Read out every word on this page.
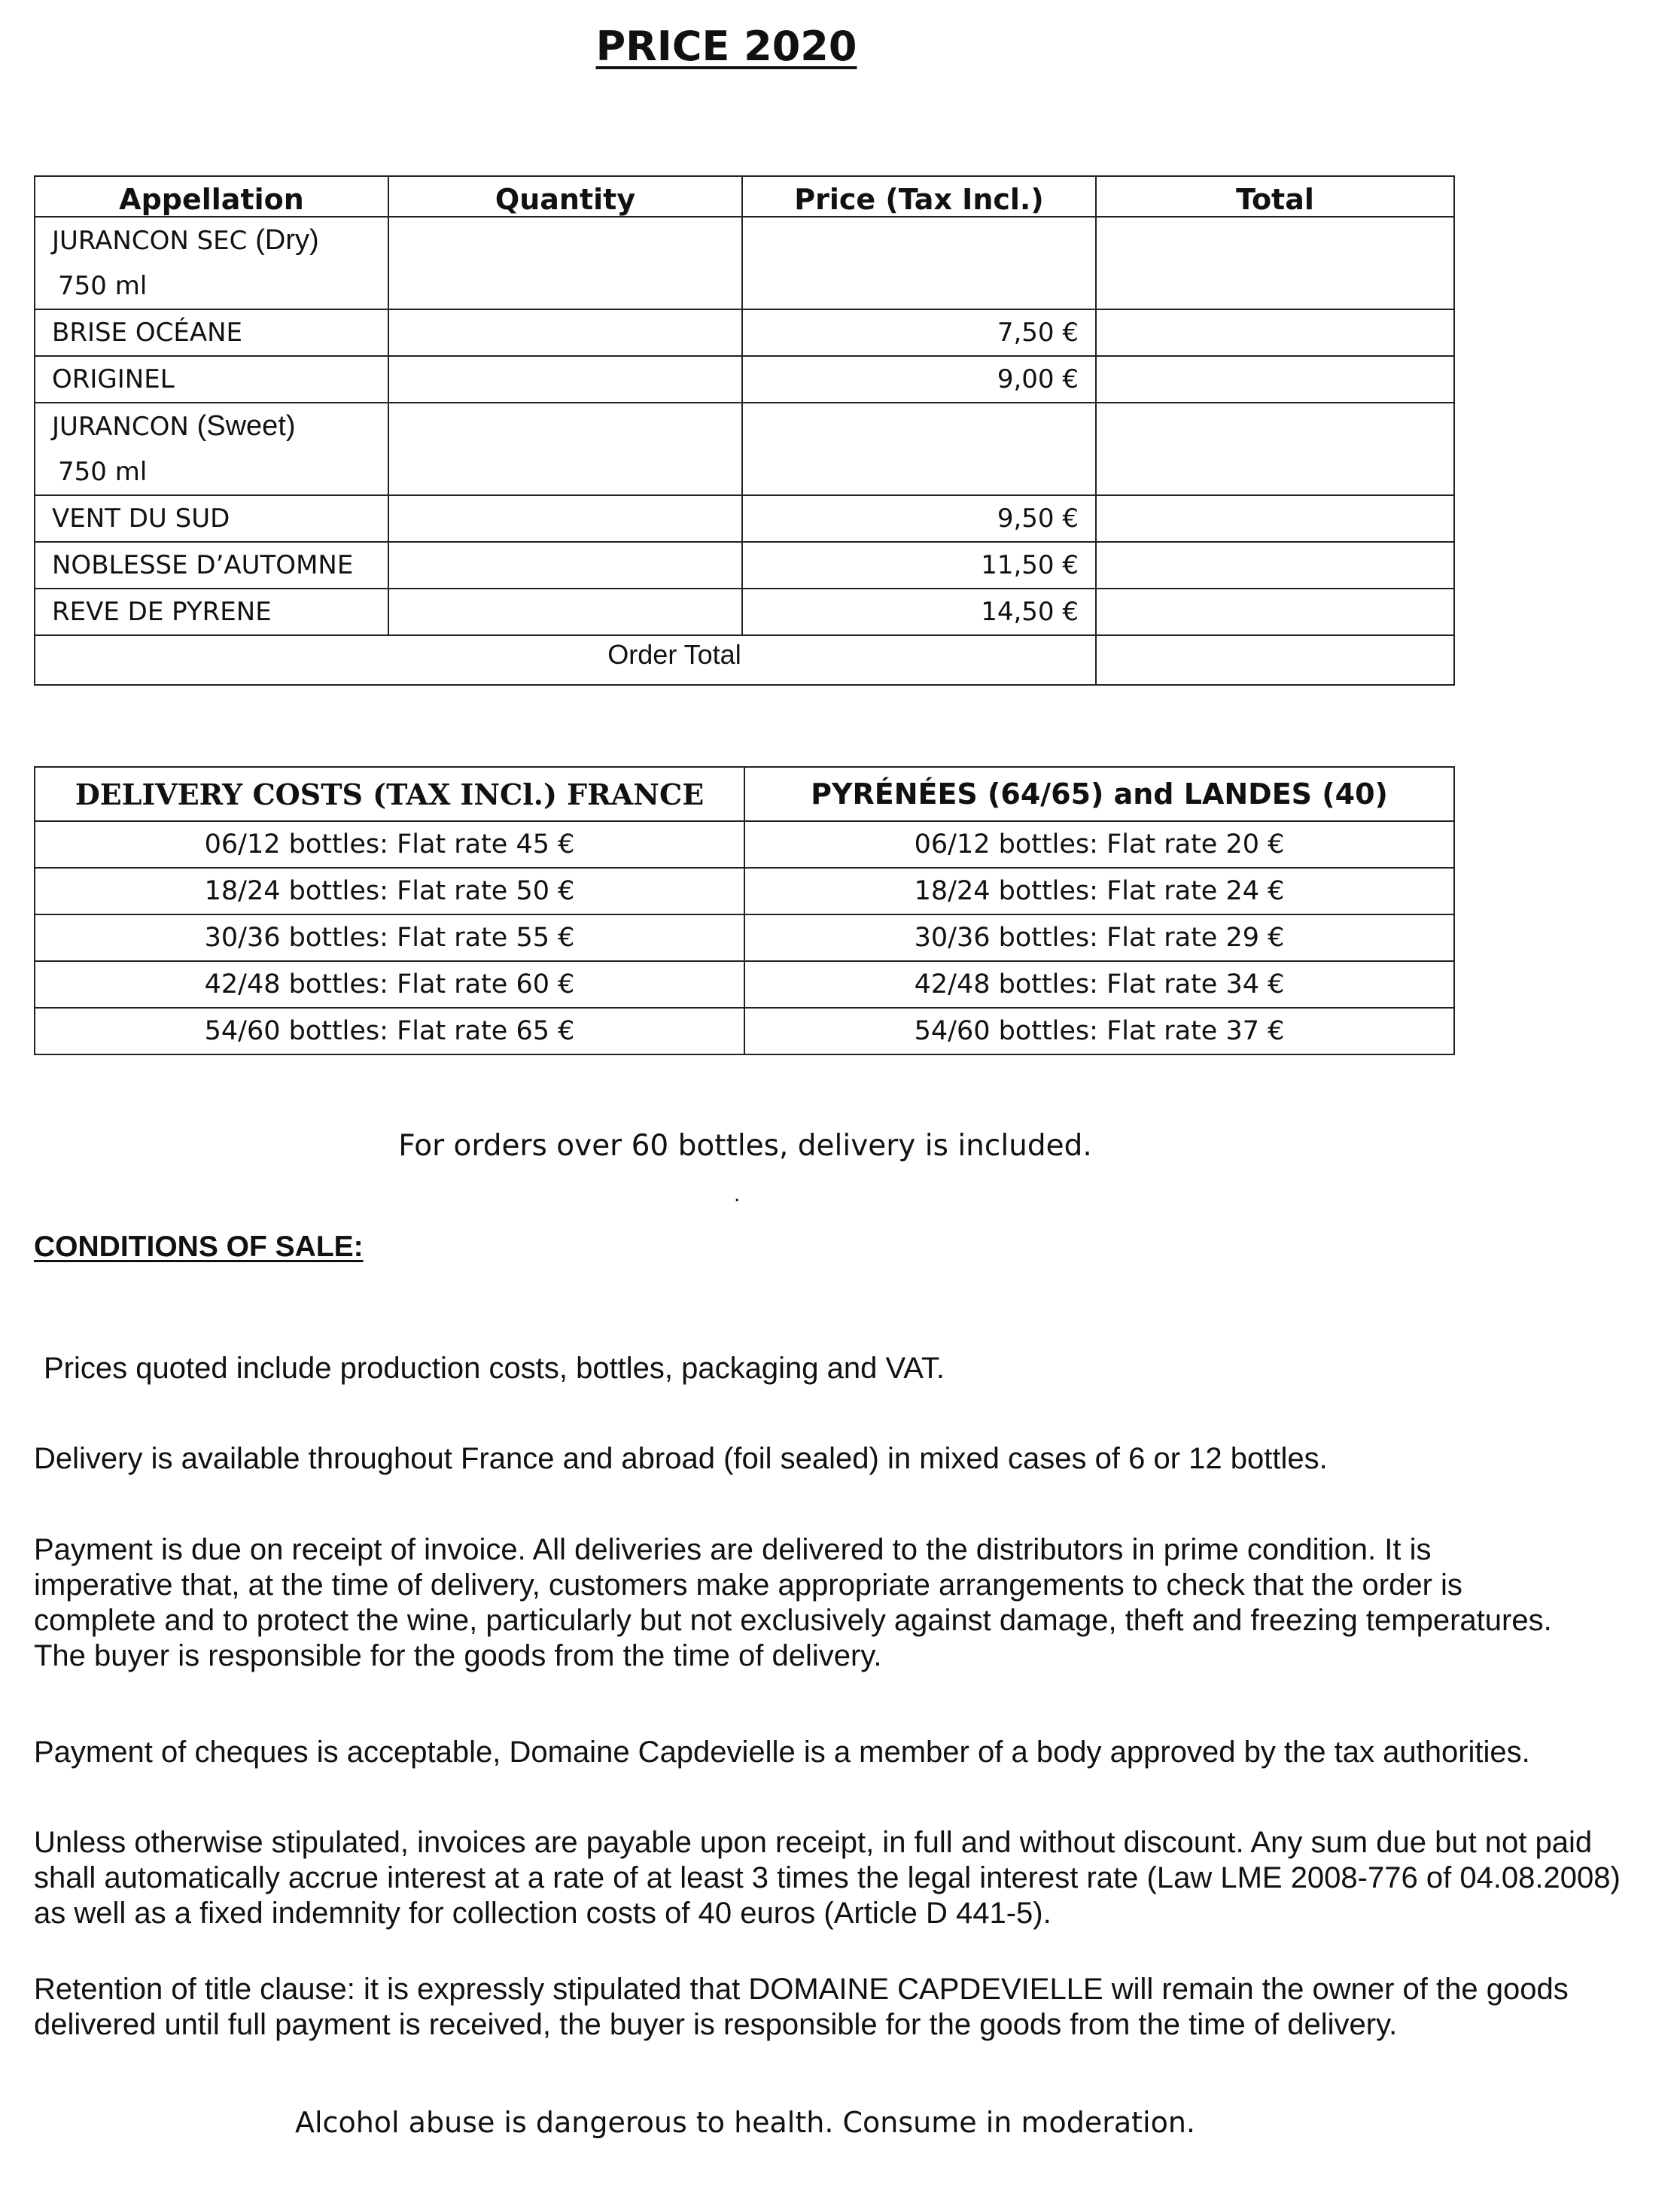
PRICE 2020
Appellation	Quantity	Price (Tax Incl.)	Total

JURANCON SEC (Dry)
750 ml			

BRISE OCÉANE		7,50 €	
ORIGINEL		9,00 €	

JURANCON (Sweet)
750 ml			

VENT DU SUD		9,50 €	
NOBLESSE D’AUTOMNE		11,50 €	
REVE DE PYRENE		14,50 €	
Order Total			
DELIVERY COSTS (TAX INCl.) FRANCE	PYRÉNÉES (64/65) and LANDES (40)
06/12 bottles: Flat rate 45 €	06/12 bottles: Flat rate 20 €
18/24 bottles: Flat rate 50 €	18/24 bottles: Flat rate 24 €
30/36 bottles: Flat rate 55 €	30/36 bottles: Flat rate 29 €
42/48 bottles: Flat rate 60 €	42/48 bottles: Flat rate 34 €
54/60 bottles: Flat rate 65 €	54/60 bottles: Flat rate 37 €
For orders over 60 bottles, delivery is included.
.
CONDITIONS OF SALE:
Prices quoted include production costs, bottles, packaging and VAT.
Delivery is available throughout France and abroad (foil sealed) in mixed cases of 6 or 12 bottles.
Payment is due on receipt of invoice. All deliveries are delivered to the distributors in prime condition. It is imperative that, at the time of delivery, customers make appropriate arrangements to check that the order is complete and to protect the wine, particularly but not exclusively against damage, theft and freezing temperatures. The buyer is responsible for the goods from the time of delivery.
Payment of cheques is acceptable, Domaine Capdevielle is a member of a body approved by the tax authorities.
Unless otherwise stipulated, invoices are payable upon receipt, in full and without discount. Any sum due but not paid shall automatically accrue interest at a rate of at least 3 times the legal interest rate (Law LME 2008-776 of 04.08.2008) as well as a fixed indemnity for collection costs of 40 euros (Article D 441-5).
Retention of title clause: it is expressly stipulated that DOMAINE CAPDEVIELLE will remain the owner of the goods delivered until full payment is received, the buyer is responsible for the goods from the time of delivery.
Alcohol abuse is dangerous to health. Consume in moderation.
